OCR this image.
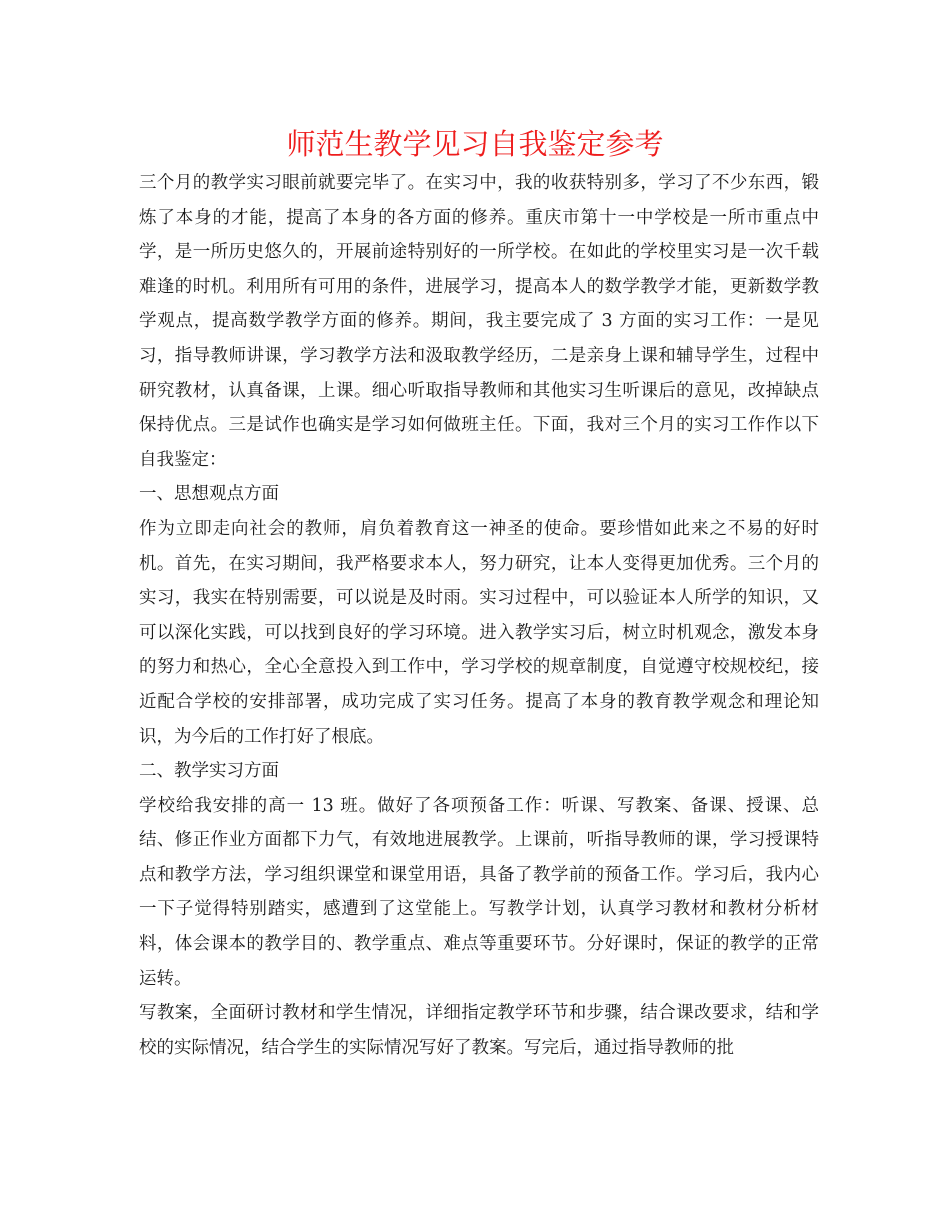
师范生教学见习自我鉴定参考

三个月的教学实习眼前就要完毕了。在实习中，我的收获特别多，学习了不少东西，锻炼了本身的才能，提高了本身的各方面的修养。重庆市第十一中学校是一所市重点中学，是一所历史悠久的，开展前途特别好的一所学校。在如此的学校里实习是一次千载难逢的时机。利用所有可用的条件，进展学习，提高本人的数学教学才能，更新数学教学观点，提高数学教学方面的修养。期间，我主要完成了 3 方面的实习工作：一是见习，指导教师讲课，学习教学方法和汲取教学经历，二是亲身上课和辅导学生，过程中研究教材，认真备课，上课。细心听取指导教师和其他实习生听课后的意见，改掉缺点保持优点。三是试作也确实是学习如何做班主任。下面，我对三个月的实习工作作以下自我鉴定：

一、思想观点方面

作为立即走向社会的教师，肩负着教育这一神圣的使命。要珍惜如此来之不易的好时机。首先，在实习期间，我严格要求本人，努力研究，让本人变得更加优秀。三个月的实习，我实在特别需要，可以说是及时雨。实习过程中，可以验证本人所学的知识，又可以深化实践，可以找到良好的学习环境。进入教学实习后，树立时机观念，激发本身的努力和热心，全心全意投入到工作中，学习学校的规章制度，自觉遵守校规校纪，接近配合学校的安排部署，成功完成了实习任务。提高了本身的教育教学观念和理论知识，为今后的工作打好了根底。

二、教学实习方面

学校给我安排的高一 13 班。做好了各项预备工作：听课、写教案、备课、授课、总结、修正作业方面都下力气，有效地进展教学。上课前，听指导教师的课，学习授课特点和教学方法，学习组织课堂和课堂用语，具备了教学前的预备工作。学习后，我内心一下子觉得特别踏实，感遭到了这堂能上。写教学计划，认真学习教材和教材分析材料，体会课本的教学目的、教学重点、难点等重要环节。分好课时，保证的教学的正常运转。

写教案，全面研讨教材和学生情况，详细指定教学环节和步骤，结合课改要求，结和学校的实际情况，结合学生的实际情况写好了教案。写完后，通过指导教师的批
